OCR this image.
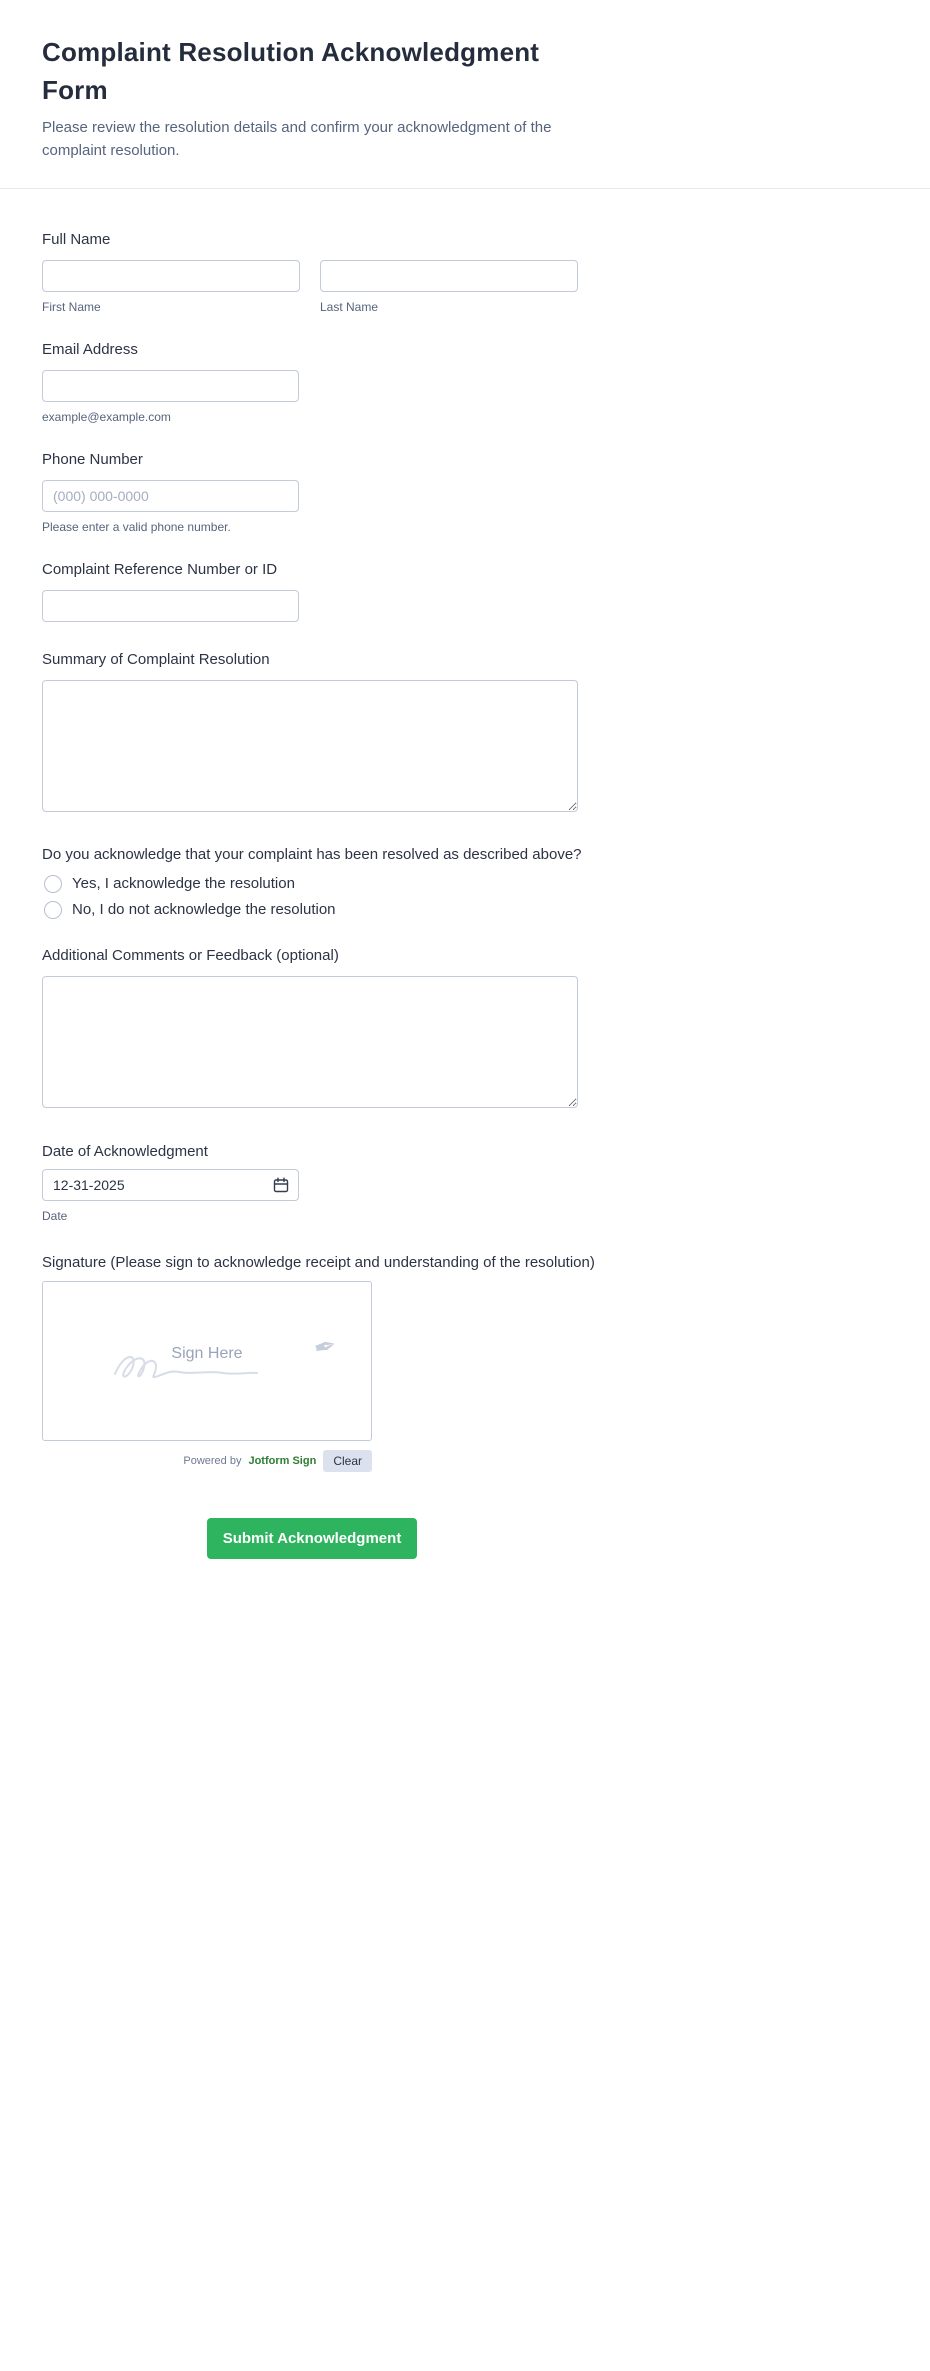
Complaint Resolution Acknowledgment Form

Please review the resolution details and confirm your acknowledgment of the complaint resolution.

Full Name
First Name	Last Name
Email Address
example@example.com
Phone Number
(000) 000-0000
Please enter a valid phone number.
Complaint Reference Number or ID
Summary of Complaint Resolution
Do you acknowledge that your complaint has been resolved as described above?
Yes, I acknowledge the resolution
No, I do not acknowledge the resolution
Additional Comments or Feedback (optional)
Date of Acknowledgment
12-31-2025
Date
Signature (Please sign to acknowledge receipt and understanding of the resolution)
Sign Here	✒
Powered by Jotform Sign	Clear
Submit Acknowledgment
